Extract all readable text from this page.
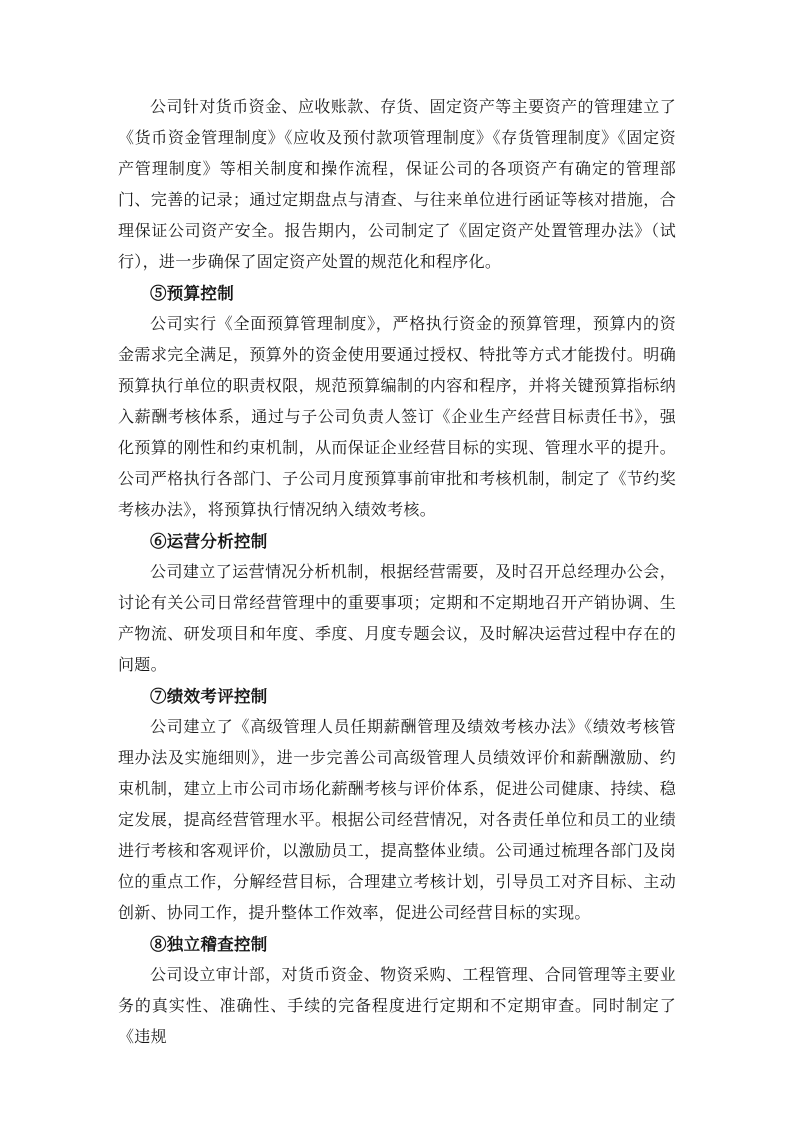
公司针对货币资金、应收账款、存货、固定资产等主要资产的管理建立了《货币资金管理制度》《应收及预付款项管理制度》《存货管理制度》《固定资产管理制度》等相关制度和操作流程，保证公司的各项资产有确定的管理部门、完善的记录；通过定期盘点与清查、与往来单位进行函证等核对措施，合理保证公司资产安全。报告期内，公司制定了《固定资产处置管理办法》（试行），进一步确保了固定资产处置的规范化和程序化。

⑤预算控制

公司实行《全面预算管理制度》，严格执行资金的预算管理，预算内的资金需求完全满足，预算外的资金使用要通过授权、特批等方式才能拨付。明确预算执行单位的职责权限，规范预算编制的内容和程序，并将关键预算指标纳入薪酬考核体系，通过与子公司负责人签订《企业生产经营目标责任书》，强化预算的刚性和约束机制，从而保证企业经营目标的实现、管理水平的提升。公司严格执行各部门、子公司月度预算事前审批和考核机制，制定了《节约奖考核办法》，将预算执行情况纳入绩效考核。

⑥运营分析控制

公司建立了运营情况分析机制，根据经营需要，及时召开总经理办公会，讨论有关公司日常经营管理中的重要事项；定期和不定期地召开产销协调、生产物流、研发项目和年度、季度、月度专题会议，及时解决运营过程中存在的问题。

⑦绩效考评控制

公司建立了《高级管理人员任期薪酬管理及绩效考核办法》《绩效考核管理办法及实施细则》，进一步完善公司高级管理人员绩效评价和薪酬激励、约束机制，建立上市公司市场化薪酬考核与评价体系，促进公司健康、持续、稳定发展，提高经营管理水平。根据公司经营情况，对各责任单位和员工的业绩进行考核和客观评价，以激励员工，提高整体业绩。公司通过梳理各部门及岗位的重点工作，分解经营目标，合理建立考核计划，引导员工对齐目标、主动创新、协同工作，提升整体工作效率，促进公司经营目标的实现。

⑧独立稽查控制

公司设立审计部，对货币资金、物资采购、工程管理、合同管理等主要业务的真实性、准确性、手续的完备程度进行定期和不定期审查。同时制定了《违规
